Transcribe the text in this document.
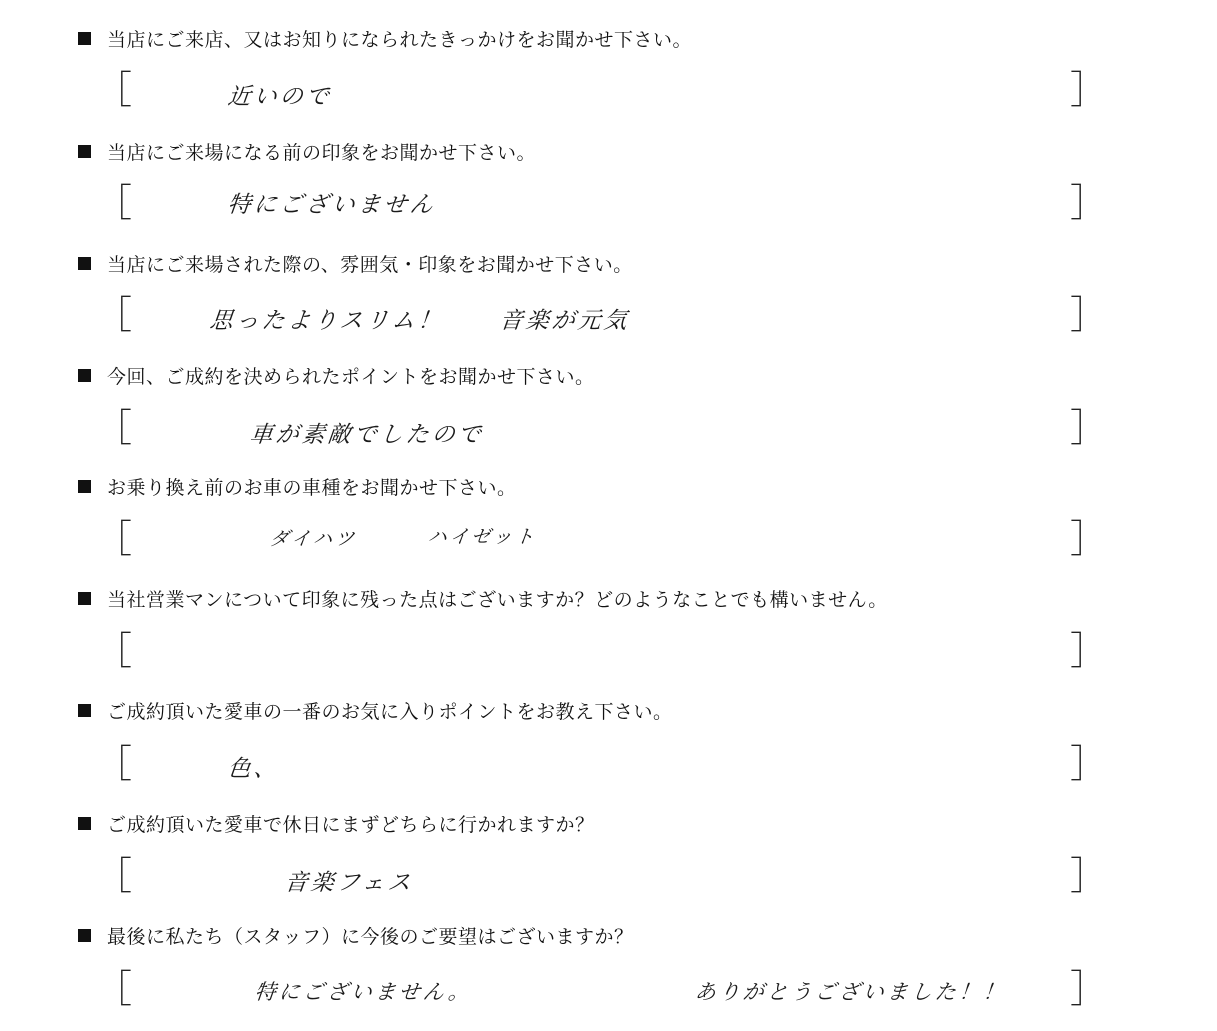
当店にご来店、又はお知りになられたきっかけをお聞かせ下さい。
［	近いので	］
当店にご来場になる前の印象をお聞かせ下さい。
［	特にございません	］
当店にご来場された際の、雰囲気・印象をお聞かせ下さい。
［	思ったよりスリム！ 音楽が元気	］
今回、ご成約を決められたポイントをお聞かせ下さい。
［	車が素敵でしたので	］
お乗り換え前のお車の車種をお聞かせ下さい。
［	ダイハツ	ハイゼット	］
当社営業マンについて印象に残った点はございますか？どのようなことでも構いません。
［	］
ご成約頂いた愛車の一番のお気に入りポイントをお教え下さい。
［	色、	］
ご成約頂いた愛車で休日にまずどちらに行かれますか？
［	音楽フェス	］
最後に私たち（スタッフ）に今後のご要望はございますか？
［	特にございません。	ありがとうございました！！ ］
